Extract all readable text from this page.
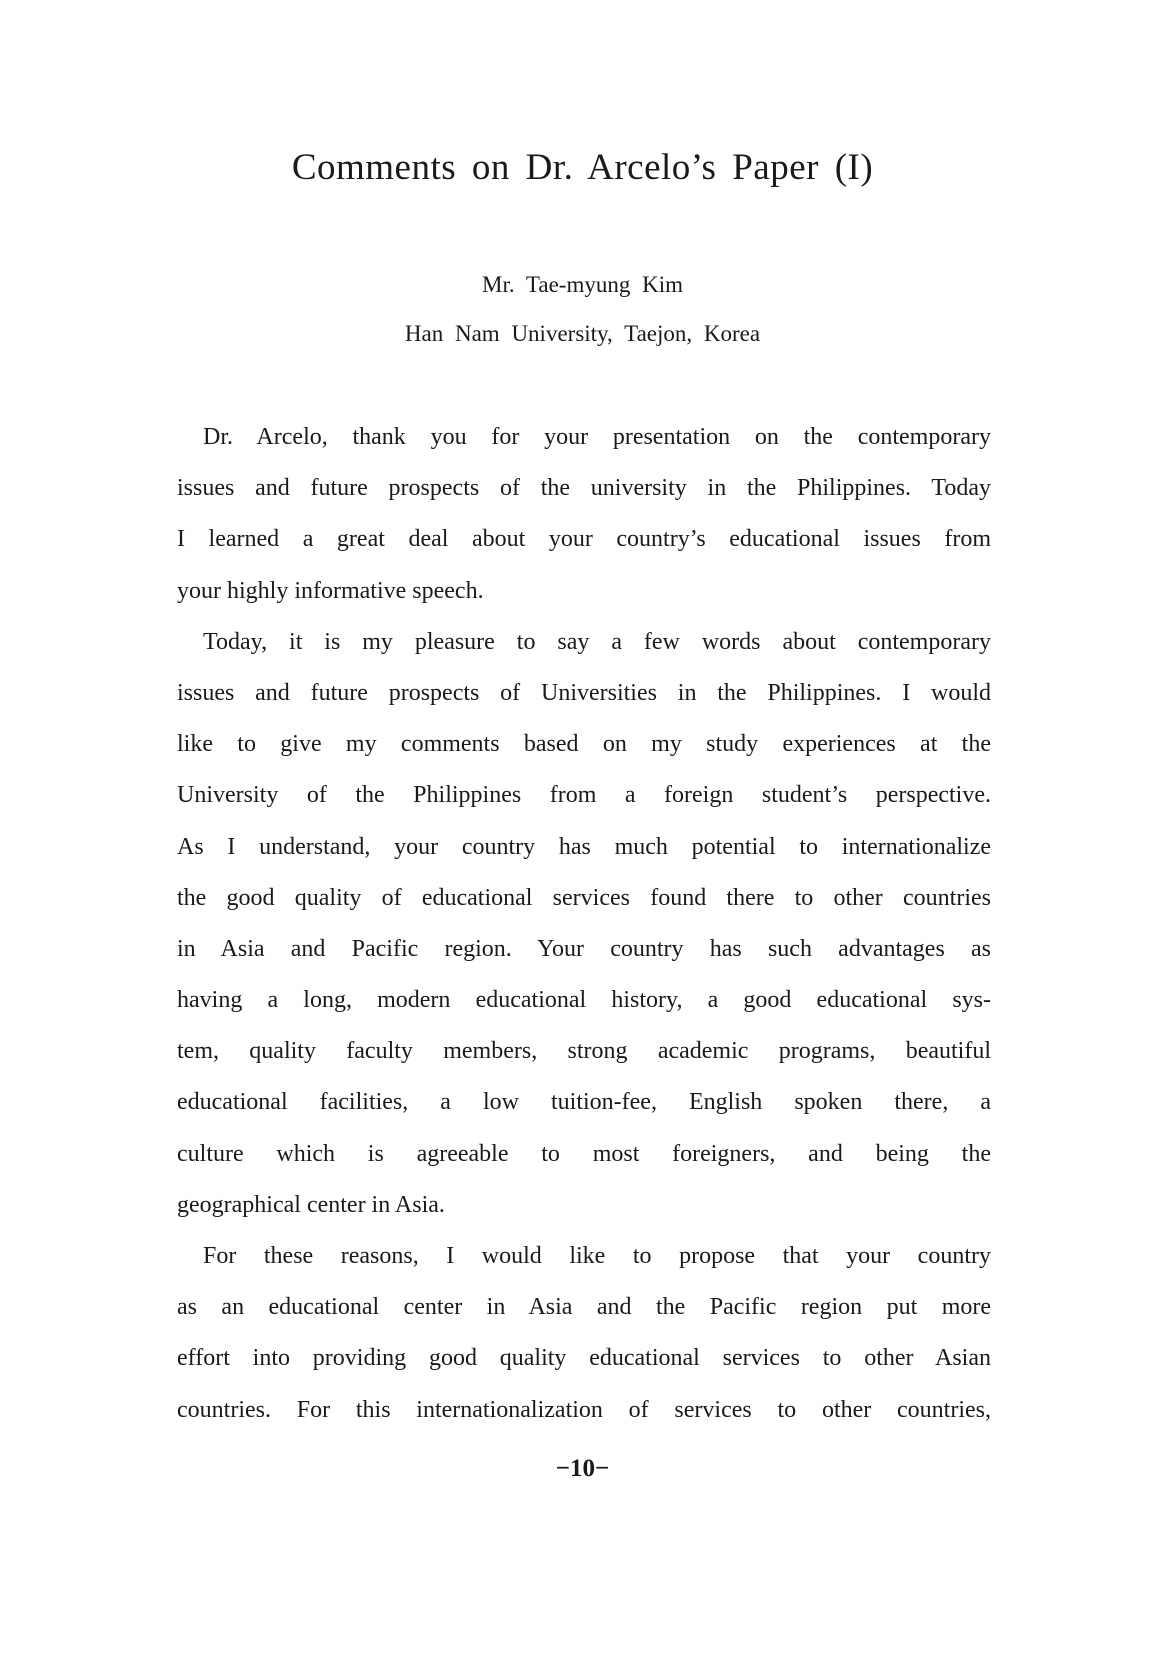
Comments on Dr. Arcelo’s Paper (I)
Mr. Tae-myung Kim
Han Nam University, Taejon, Korea
Dr. Arcelo, thank you for your presentation on the contemporary
issues and future prospects of the university in the Philippines. Today
I learned a great deal about your country’s educational issues from
your highly informative speech.
Today, it is my pleasure to say a few words about contemporary
issues and future prospects of Universities in the Philippines. I would
like to give my comments based on my study experiences at the
University of the Philippines from a foreign student’s perspective.
As I understand, your country has much potential to internationalize
the good quality of educational services found there to other countries
in Asia and Pacific region. Your country has such advantages as
having a long, modern educational history, a good educational sys-
tem, quality faculty members, strong academic programs, beautiful
educational facilities, a low tuition-fee, English spoken there, a
culture which is agreeable to most foreigners, and being the
geographical center in Asia.
For these reasons, I would like to propose that your country
as an educational center in Asia and the Pacific region put more
effort into providing good quality educational services to other Asian
countries. For this internationalization of services to other countries,
−10−
